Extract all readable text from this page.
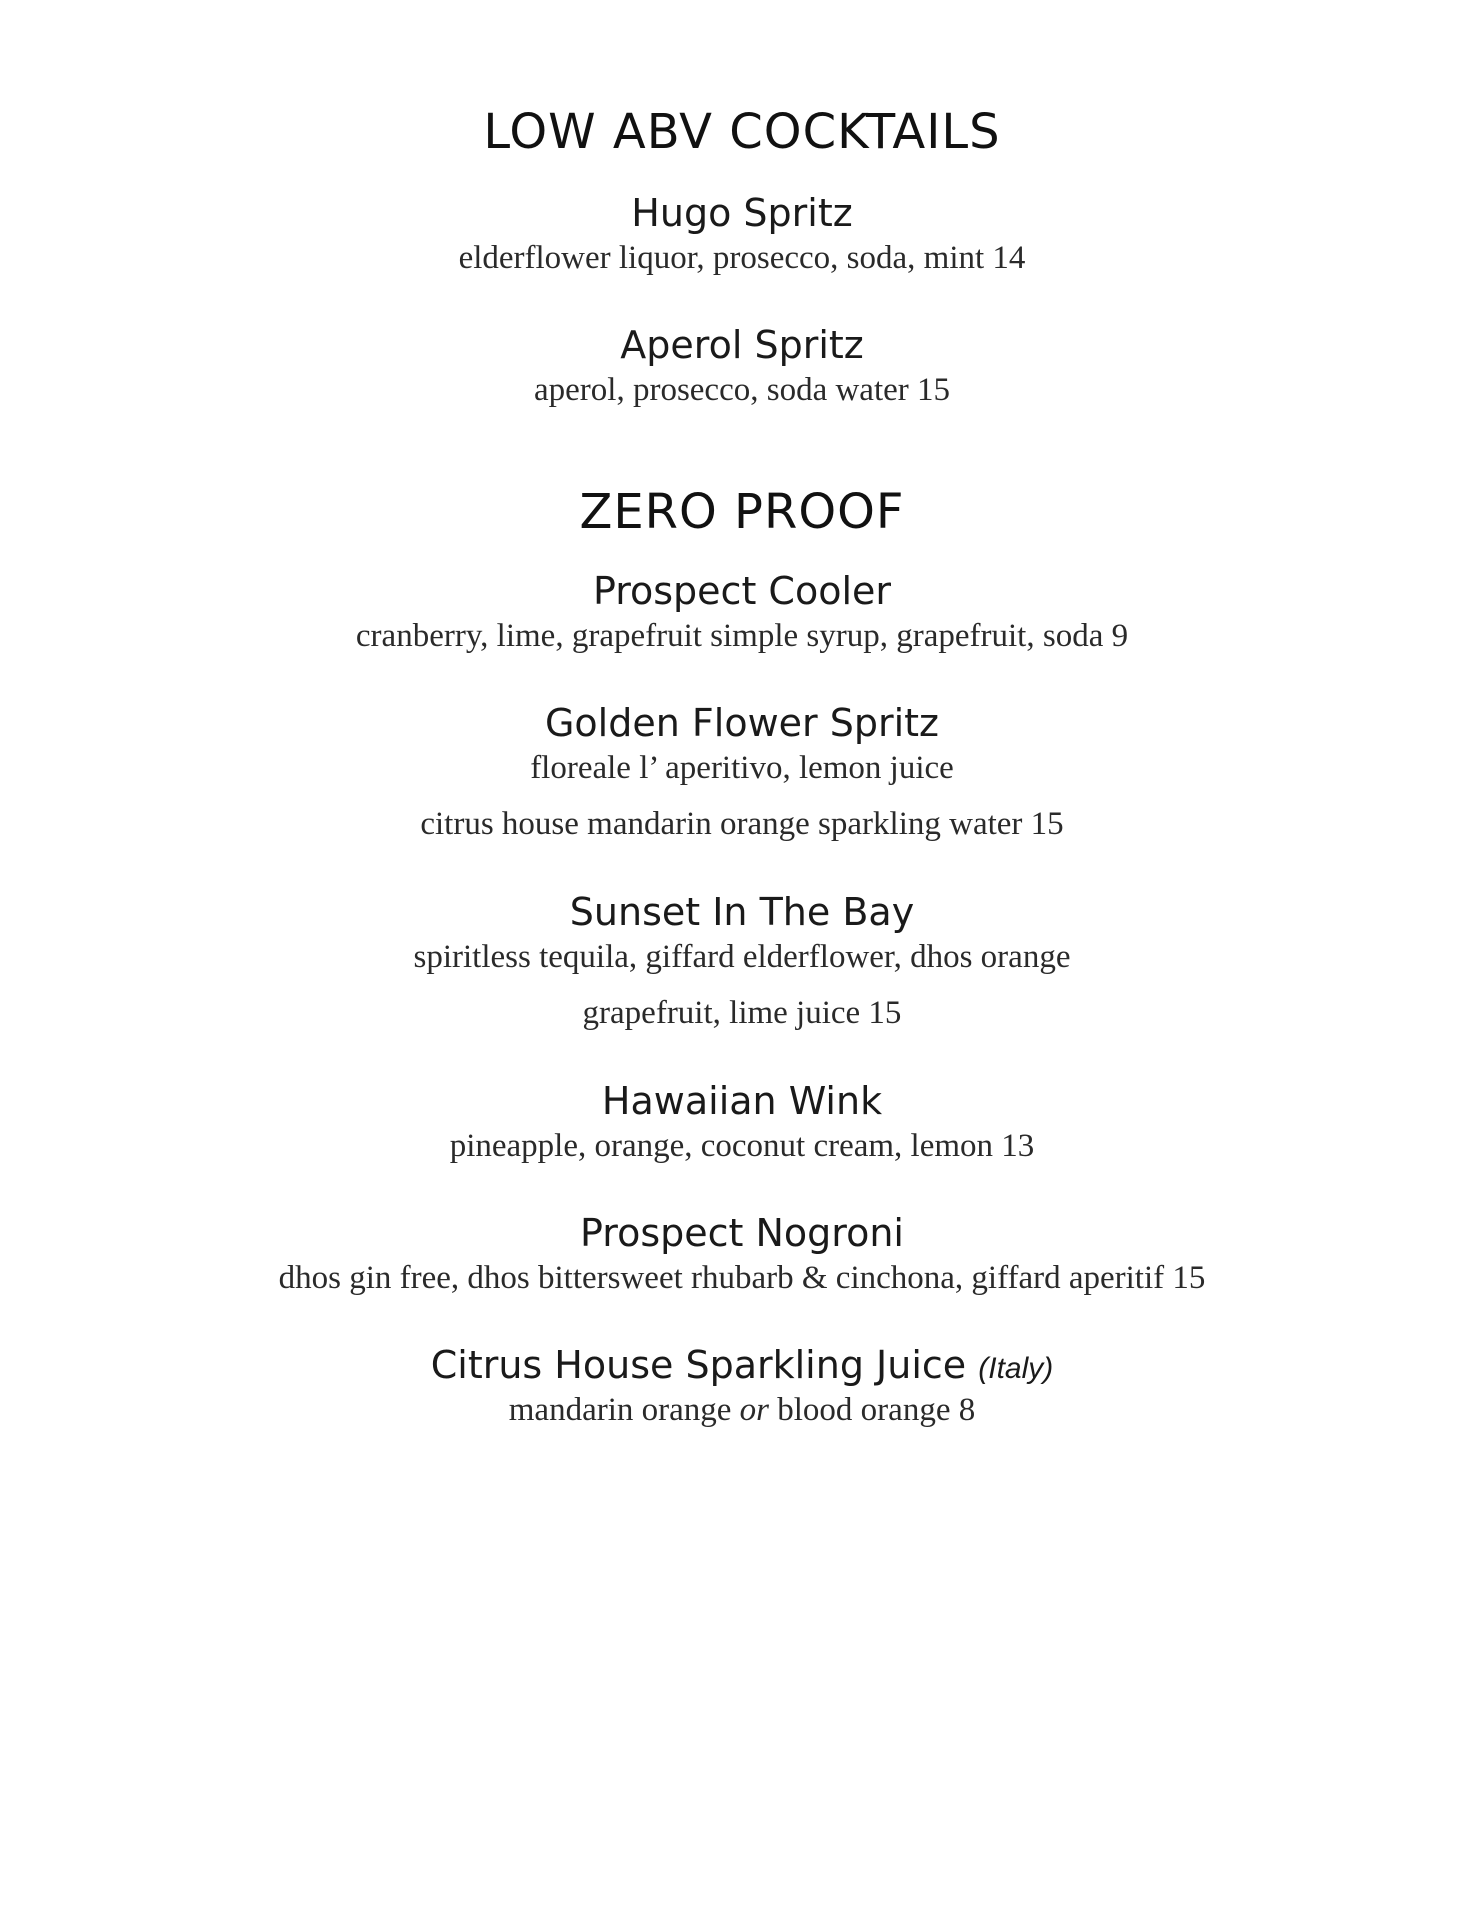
LOW ABV COCKTAILS
Hugo Spritz

elderflower liquor, prosecco, soda, mint 14

Aperol Spritz

aperol, prosecco, soda water 15

ZERO PROOF
Prospect Cooler

cranberry, lime, grapefruit simple syrup, grapefruit, soda 9

Golden Flower Spritz

floreale l’ aperitivo, lemon juice

citrus house mandarin orange sparkling water 15

Sunset In The Bay

spiritless tequila, giffard elderflower, dhos orange

grapefruit, lime juice 15

Hawaiian Wink

pineapple, orange, coconut cream, lemon 13

Prospect Nogroni

dhos gin free, dhos bittersweet rhubarb & cinchona, giffard aperitif 15

Citrus House Sparkling Juice (Italy)

mandarin orange or blood orange 8
